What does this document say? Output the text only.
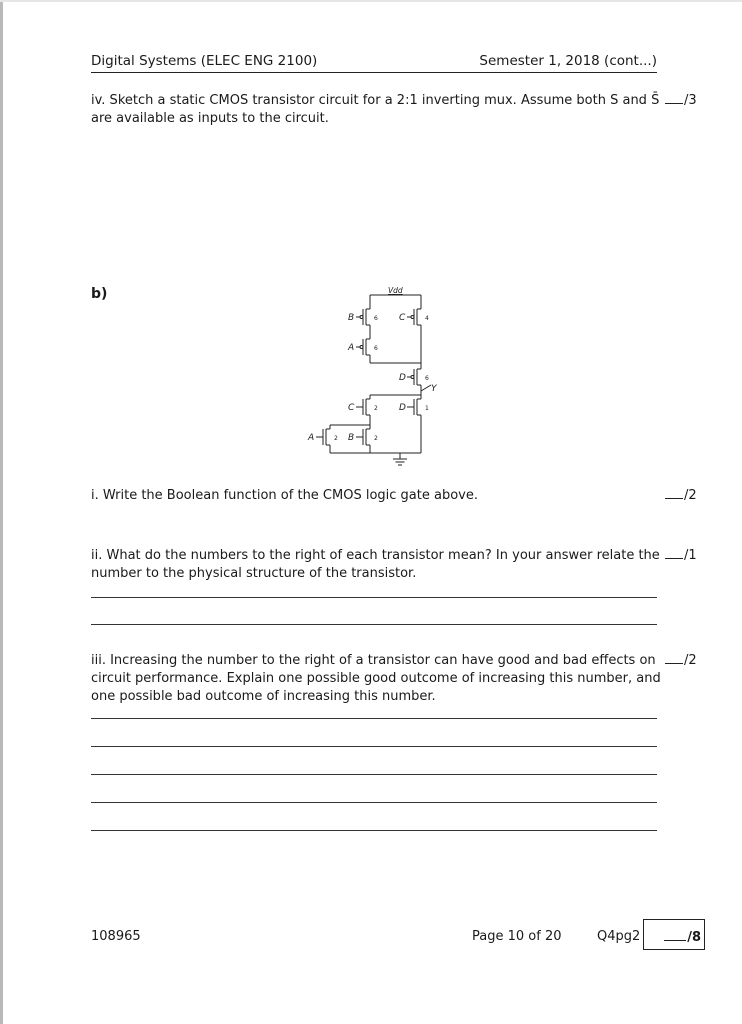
Digital Systems (ELEC ENG 2100)	Semester 1, 2018 (cont...)
iv. Sketch a static CMOS transistor circuit for a 2:1 inverting mux. Assume both S and S̄ are available as inputs to the circuit.
/3
b)	Vdd
Y
B	6 C	4
A	6
D	6
C	2 D	1
A	2 B	2
i. Write the Boolean function of the CMOS logic gate above.	/2
ii. What do the numbers to the right of each transistor mean? In your answer relate the number to the physical structure of the transistor.
/1
iii. Increasing the number to the right of a transistor can have good and bad effects on circuit performance. Explain one possible good outcome of increasing this number, and one possible bad outcome of increasing this number.
/2
108965	Page 10 of 20	Q4pg2	/8
